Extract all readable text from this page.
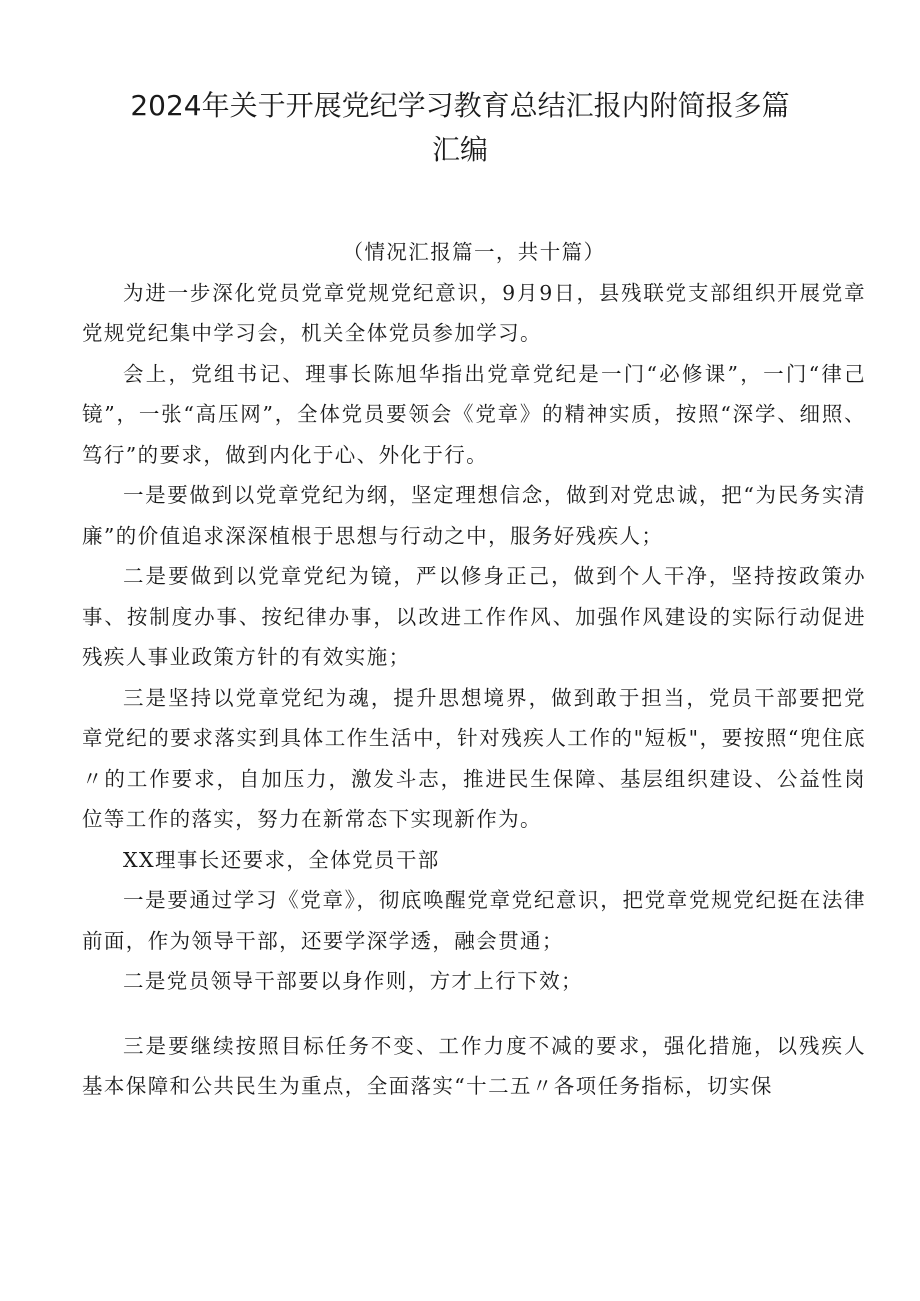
2024年关于开展党纪学习教育总结汇报内附简报多篇
汇编

（情况汇报篇一，共十篇）

为进一步深化党员党章党规党纪意识，9月9日，县残联党支部组织开展党章党规党纪集中学习会，机关全体党员参加学习。

会上，党组书记、理事长陈旭华指出党章党纪是一门“必修课”，一门“律己镜”，一张“高压网”，全体党员要领会《党章》的精神实质，按照“深学、细照、笃行”的要求，做到内化于心、外化于行。

一是要做到以党章党纪为纲，坚定理想信念，做到对党忠诚，把“为民务实清廉”的价值追求深深植根于思想与行动之中，服务好残疾人；

二是要做到以党章党纪为镜，严以修身正己，做到个人干净，坚持按政策办事、按制度办事、按纪律办事，以改进工作作风、加强作风建设的实际行动促进残疾人事业政策方针的有效实施；

三是坚持以党章党纪为魂，提升思想境界，做到敢于担当，党员干部要把党章党纪的要求落实到具体工作生活中，针对残疾人工作的"短板"，要按照“兜住底〃的工作要求，自加压力，激发斗志，推进民生保障、基层组织建设、公益性岗位等工作的落实，努力在新常态下实现新作为。

XX理事长还要求，全体党员干部

一是要通过学习《党章》，彻底唤醒党章党纪意识，把党章党规党纪挺在法律前面，作为领导干部，还要学深学透，融会贯通；

二是党员领导干部要以身作则，方才上行下效；

三是要继续按照目标任务不变、工作力度不减的要求，强化措施，以残疾人基本保障和公共民生为重点，全面落实“十二五〃各项任务指标，切实保
